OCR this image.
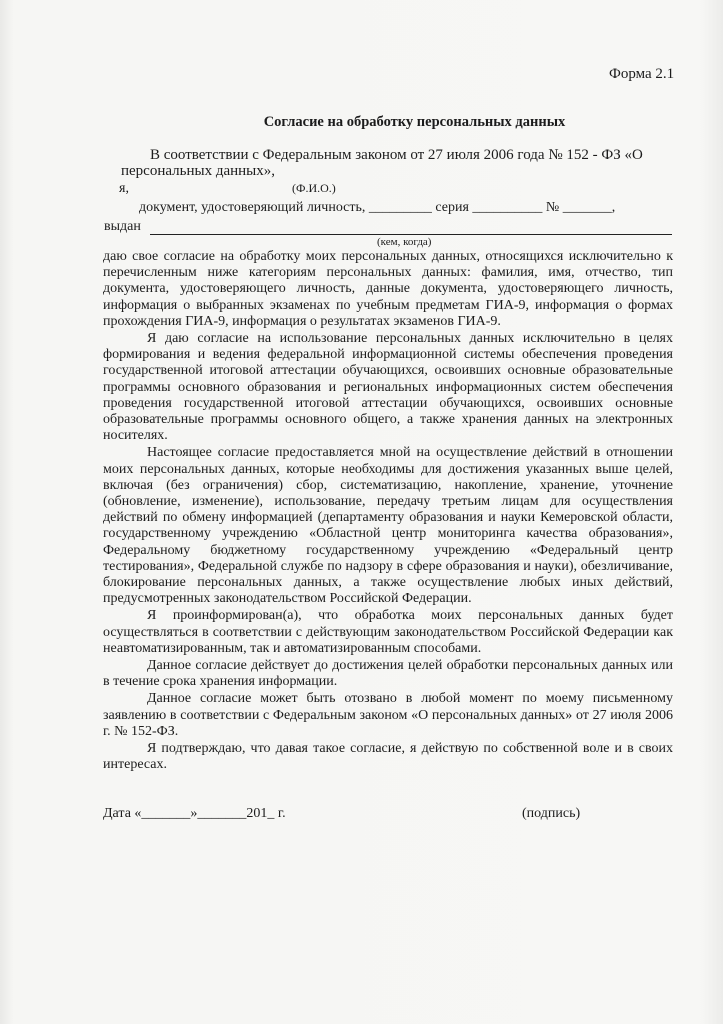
Форма 2.1
Согласие на обработку персональных данных
В соответствии с Федеральным законом от 27 июля 2006 года № 152 - ФЗ «О
персональных данных»,
я,	(Ф.И.О.)
документ, удостоверяющий личность, _________ серия __________ № _______,
выдан
(кем, когда)

даю свое согласие на обработку моих персональных данных, относящихся исключительно к перечисленным ниже категориям персональных данных: фамилия, имя, отчество, тип документа, удостоверяющего личность, данные документа, удостоверяющего личность, информация о выбранных экзаменах по учебным предметам ГИА-9, информация о формах прохождения ГИА-9, информация о результатах экзаменов ГИА-9.

Я даю согласие на использование персональных данных исключительно в целях формирования и ведения федеральной информационной системы обеспечения проведения государственной итоговой аттестации обучающихся, освоивших основные образовательные программы основного образования и региональных информационных систем обеспечения проведения государственной итоговой аттестации обучающихся, освоивших основные образовательные программы основного общего, а также хранения данных на электронных носителях.

Настоящее согласие предоставляется мной на осуществление действий в отношении моих персональных данных, которые необходимы для достижения указанных выше целей, включая (без ограничения) сбор, систематизацию, накопление, хранение, уточнение (обновление, изменение), использование, передачу третьим лицам для осуществления действий по обмену информацией (департаменту образования и науки Кемеровской области, государственному учреждению «Областной центр мониторинга качества образования», Федеральному бюджетному государственному учреждению «Федеральный центр тестирования», Федеральной службе по надзору в сфере образования и науки), обезличивание, блокирование персональных данных, а также осуществление любых иных действий, предусмотренных законодательством Российской Федерации.

Я проинформирован(а), что обработка моих персональных данных будет осуществляться в соответствии с действующим законодательством Российской Федерации как неавтоматизированным, так и автоматизированным способами.

Данное согласие действует до достижения целей обработки персональных данных или в течение срока хранения информации.

Данное согласие может быть отозвано в любой момент по моему письменному заявлению в соответствии с Федеральным законом «О персональных данных» от 27 июля 2006 г. № 152-ФЗ.

Я подтверждаю, что давая такое согласие, я действую по собственной воле и в своих интересах.

Дата «_______»_______201_ г.	(подпись)
